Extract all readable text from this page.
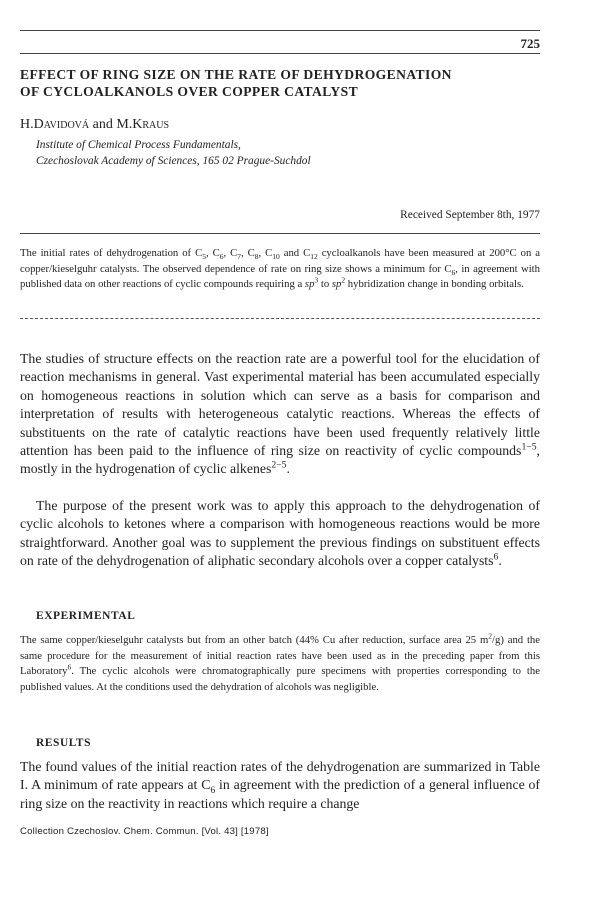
725
EFFECT OF RING SIZE ON THE RATE OF DEHYDROGENATION
OF CYCLOALKANOLS OVER COPPER CATALYST
H.Davidová and M.Kraus
Institute of Chemical Process Fundamentals,
Czechoslovak Academy of Sciences, 165 02 Prague-Suchdol
Received September 8th, 1977

The initial rates of dehydrogenation of $C_5$, $C_6$, $C_7$, $C_8$, $C_{10}$ and $C_{12}$ cycloalkanols have been measured at 200°C on a copper/kieselguhr catalysts. The observed dependence of rate on ring size shows a minimum for $C_6$, in agreement with published data on other reactions of cyclic compounds requiring a $sp^3$ to $sp^2$ hybridization change in bonding orbitals.

The studies of structure effects on the reaction rate are a powerful tool for the elucidation of reaction mechanisms in general. Vast experimental material has been accumulated especially on homogeneous reactions in solution which can serve as a basis for comparison and interpretation of results with heterogeneous catalytic reactions. Whereas the effects of substituents on the rate of catalytic reactions have been used frequently relatively little attention has been paid to the influence of ring size on reactivity of cyclic compounds$^{1-5}$, mostly in the hydrogenation of cyclic alkenes$^{2-5}$.

The purpose of the present work was to apply this approach to the dehydrogenation of cyclic alcohols to ketones where a comparison with homogeneous reactions would be more straightforward. Another goal was to supplement the previous findings on substituent effects on rate of the dehydrogenation of aliphatic secondary alcohols over a copper catalysts$^6$.

EXPERIMENTAL

The same copper/kieselguhr catalysts but from an other batch (44% Cu after reduction, surface area 25 $m^2/g$) and the same procedure for the measurement of initial reaction rates have been used as in the preceding paper from this Laboratory$^6$. The cyclic alcohols were chromatographically pure specimens with properties corresponding to the published values. At the conditions used the dehydration of alcohols was negligible.

RESULTS

The found values of the initial reaction rates of the dehydrogenation are summarized in Table I. A minimum of rate appears at $C_6$ in agreement with the prediction of a general influence of ring size on the reactivity in reactions which require a change

Collection Czechoslov. Chem. Commun. [Vol. 43] [1978]
